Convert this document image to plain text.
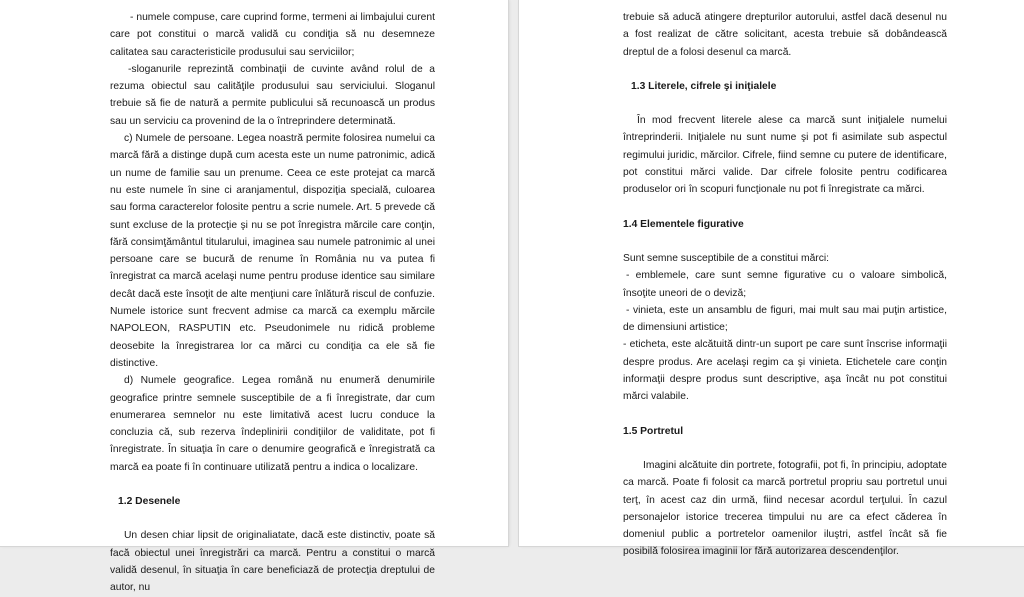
- numele compuse, care cuprind forme, termeni ai limbajului curent care pot constitui o marcă validă cu condiţia să nu desemneze calitatea sau caracteristicile produsului sau serviciilor;

-sloganurile reprezintă combinaţii de cuvinte având rolul de a rezuma obiectul sau calităţile produsului sau serviciului. Sloganul trebuie să fie de natură a permite publicului să recunoască un produs sau un serviciu ca provenind de la o întreprindere determinată.

c) Numele de persoane. Legea noastră permite folosirea numelui ca marcă fără a distinge după cum acesta este un nume patronimic, adică un nume de familie sau un prenume. Ceea ce este protejat ca marcă nu este numele în sine ci aranjamentul, dispoziţia specială, culoarea sau forma caracterelor folosite pentru a scrie numele. Art. 5 prevede că sunt excluse de la protecţie şi nu se pot înregistra mărcile care conţin, fără consimţământul titularului, imaginea sau numele patronimic al unei persoane care se bucură de renume în România nu va putea fi înregistrat ca marcă acelaşi nume pentru produse identice sau similare decât dacă este însoţit de alte menţiuni care înlătură riscul de confuzie. Numele istorice sunt frecvent admise ca marcă ca exemplu mărcile NAPOLEON, RASPUTIN etc. Pseudonimele nu ridică probleme deosebite la înregistrarea lor ca mărci cu condiţia ca ele să fie distinctive.

d) Numele geografice. Legea română nu enumeră denumirile geografice printre semnele susceptibile de a fi înregistrate, dar cum enumerarea semnelor nu este limitativă acest lucru conduce la concluzia că, sub rezerva îndeplinirii condiţiilor de validitate, pot fi înregistrate. În situaţia în care o denumire geografică e înregistrată ca marcă ea poate fi în continuare utilizată pentru a indica o localizare.

1.2 Desenele

Un desen chiar lipsit de originaliatate, dacă este distinctiv, poate să facă obiectul unei înregistrări ca marcă. Pentru a constitui o marcă validă desenul, în situaţia în care beneficiază de protecţia dreptului de autor, nu

trebuie să aducă atingere drepturilor autorului, astfel dacă desenul nu a fost realizat de către solicitant, acesta trebuie să dobândească dreptul de a folosi desenul ca marcă.

1.3 Literele, cifrele şi iniţialele

În mod frecvent literele alese ca marcă sunt iniţialele numelui întreprinderii. Iniţialele nu sunt nume şi pot fi asimilate sub aspectul regimului juridic, mărcilor. Cifrele, fiind semne cu putere de identificare, pot constitui mărci valide. Dar cifrele folosite pentru codificarea produselor ori în scopuri funcţionale nu pot fi înregistrate ca mărci.

1.4 Elementele figurative

Sunt semne susceptibile de a constitui mărci:

- emblemele, care sunt semne figurative cu o valoare simbolică, însoţite uneori de o deviză;

- vinieta, este un ansamblu de figuri, mai mult sau mai puţin artistice, de dimensiuni artistice;

- eticheta, este alcătuită dintr-un suport pe care sunt înscrise informaţii despre produs. Are acelaşi regim ca şi vinieta. Etichetele care conţin informaţii despre produs sunt descriptive, aşa încât nu pot constitui mărci valabile.

1.5 Portretul

Imagini alcătuite din portrete, fotografii, pot fi, în principiu, adoptate ca marcă. Poate fi folosit ca marcă portretul propriu sau portretul unui terţ, în acest caz din urmă, fiind necesar acordul terţului. În cazul personajelor istorice trecerea timpului nu are ca efect căderea în domeniul public a portretelor oamenilor iluştri, astfel încât să fie posibilă folosirea imaginii lor fără autorizarea descendenţilor.
